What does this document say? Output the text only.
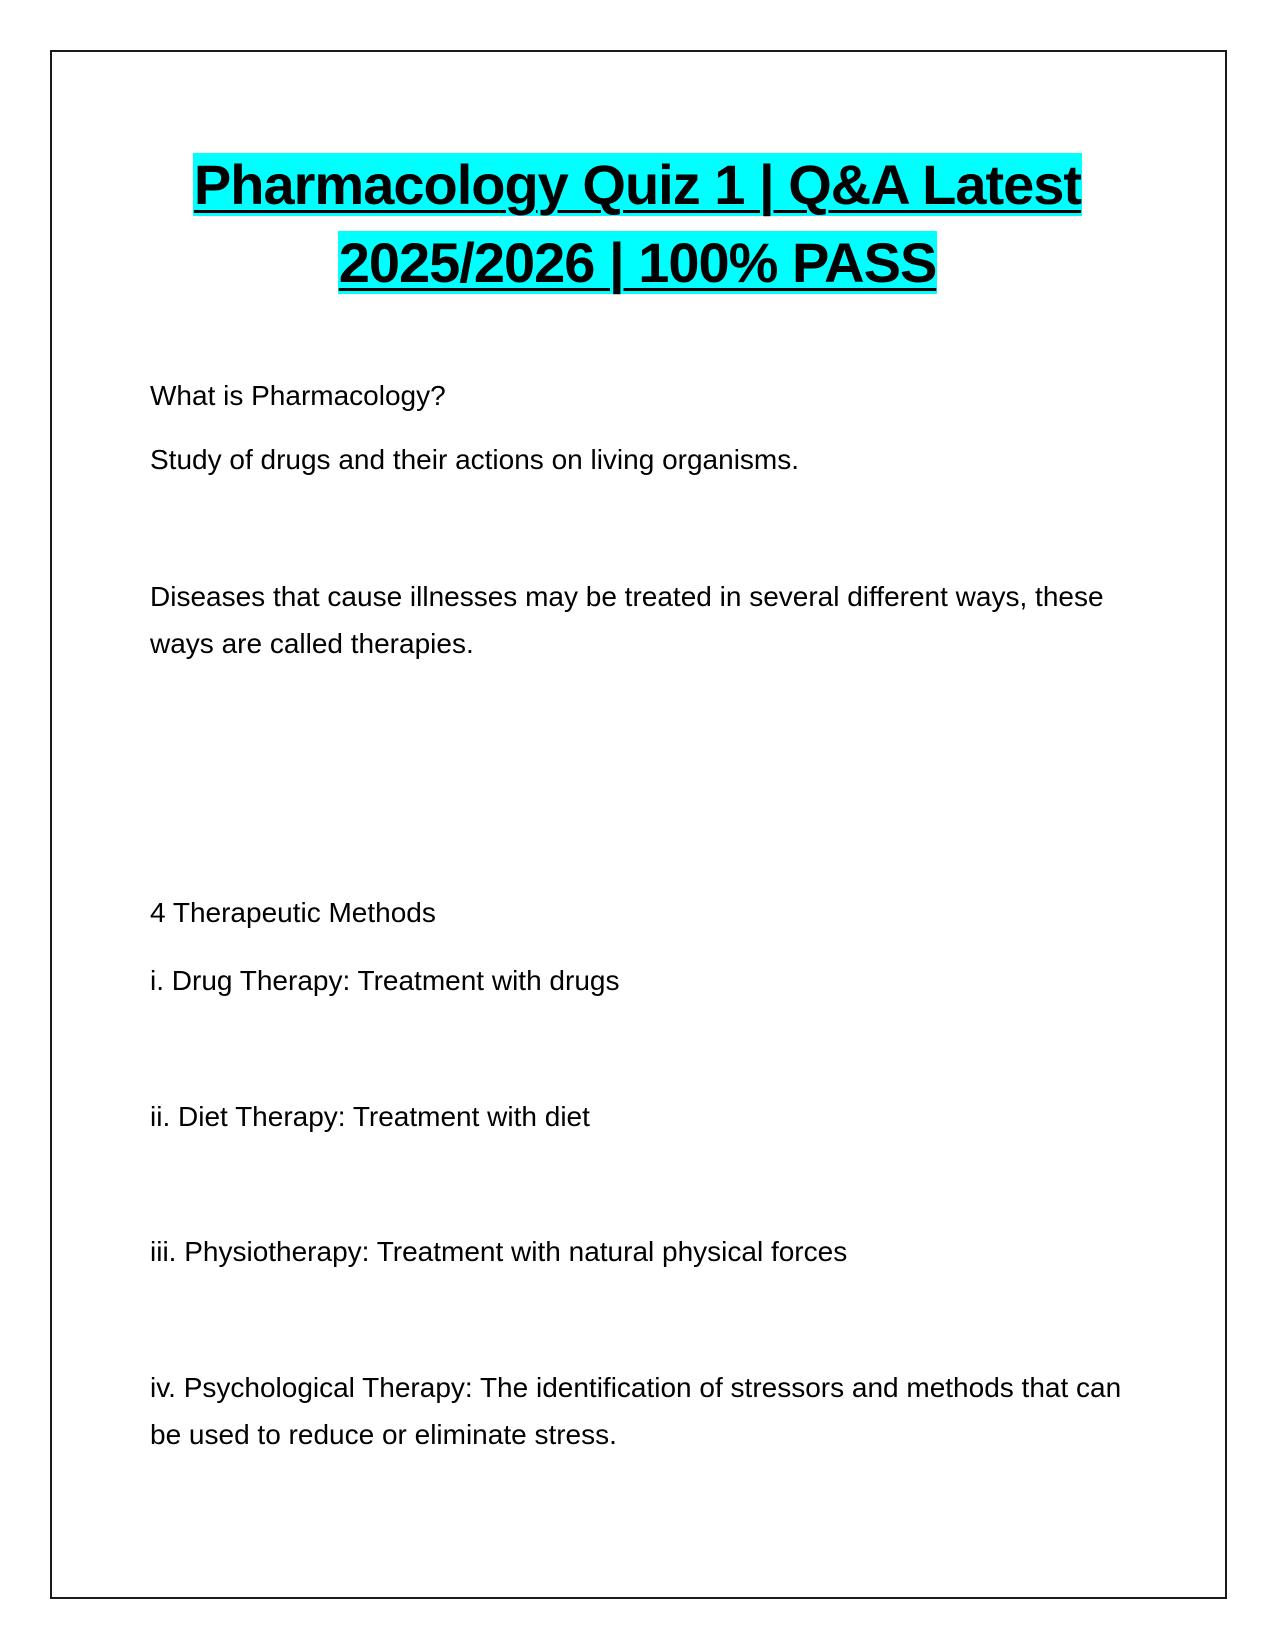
Pharmacology Quiz 1 | Q&A Latest
2025/2026 | 100% PASS

What is Pharmacology?

Study of drugs and their actions on living organisms.

Diseases that cause illnesses may be treated in several different ways, these ways are called therapies.

4 Therapeutic Methods

i. Drug Therapy: Treatment with drugs

ii. Diet Therapy: Treatment with diet

iii. Physiotherapy: Treatment with natural physical forces

iv. Psychological Therapy: The identification of stressors and methods that can be used to reduce or eliminate stress.
